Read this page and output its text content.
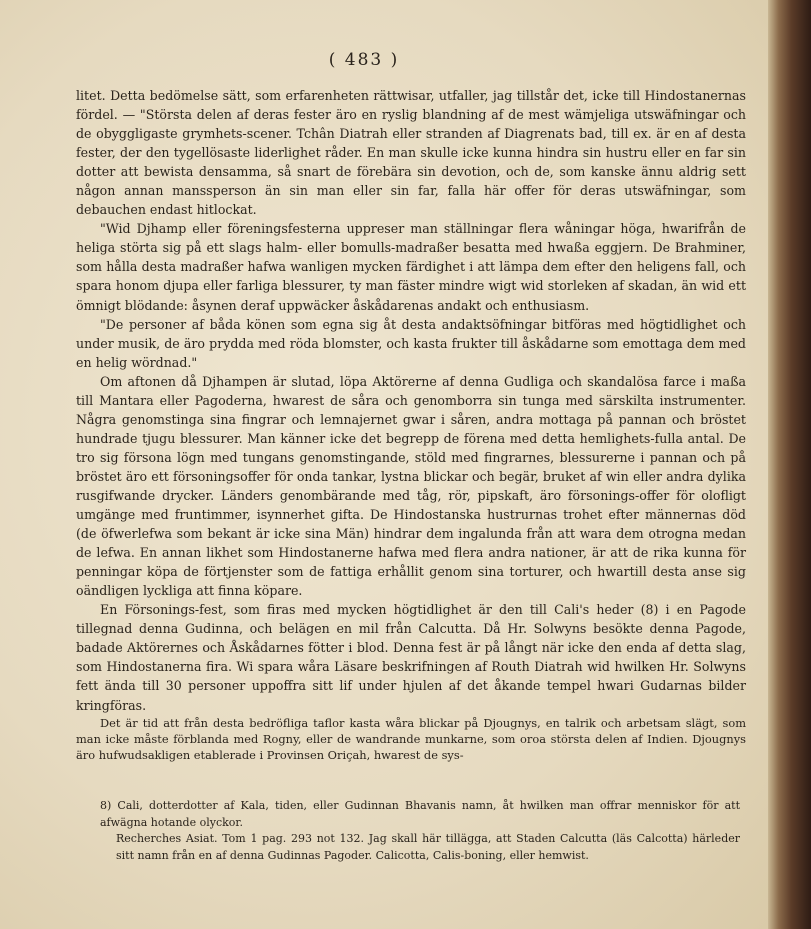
( 483 )

litet. Detta bedömelse sätt, som erfarenheten rättwisar, utfaller, jag tillstår det, icke till Hindostanernas fördel. — "Största delen af deras fester äro en ryslig blandning af de mest wämjeliga utswäfningar och de obyggligaste grymhets-scener. Tchân Diatrah eller stranden af Diagrenats bad, till ex. är en af desta fester, der den tygellösaste liderlighet råder. En man skulle icke kunna hindra sin hustru eller en far sin dotter att bewista densamma, så snart de förebära sin devotion, och de, som kanske ännu aldrig sett någon annan manssperson än sin man eller sin far, falla här offer för deras utswäfningar, som debauchen endast hitlockat.

"Wid Djhamp eller föreningsfesterna uppreser man ställningar flera wåningar höga, hwarifrån de heliga störta sig på ett slags halm- eller bomulls-madraßer besatta med hwaßa eggjern. De Brahminer, som hålla desta madraßer hafwa wanligen mycken färdighet i att lämpa dem efter den heligens fall, och spara honom djupa eller farliga blessurer, ty man fäster mindre wigt wid storleken af skadan, än wid ett ömnigt blödande: åsynen deraf uppwäcker åskådarenas andakt och enthusiasm.

"De personer af båda könen som egna sig åt desta andaktsöfningar bitföras med högtidlighet och under musik, de äro prydda med röda blomster, och kasta frukter till åskådarne som emottaga dem med en helig wördnad."

Om aftonen då Djhampen är slutad, löpa Aktörerne af denna Gudliga och skandalösa farce i maßa till Mantara eller Pagoderna, hwarest de såra och genomborra sin tunga med särskilta instrumenter. Några genomstinga sina fingrar och lemnajernet gwar i såren, andra mottaga på pannan och bröstet hundrade tjugu blessurer. Man känner icke det begrepp de förena med detta hemlighets-fulla antal. De tro sig försona lögn med tungans genomstingande, stöld med fingrarnes, blessurerne i pannan och på bröstet äro ett försoningsoffer för onda tankar, lystna blickar och begär, bruket af win eller andra dylika rusgifwande drycker. Länders genombärande med tåg, rör, pipskaft, äro försonings-offer för olofligt umgänge med fruntimmer, isynnerhet gifta. De Hindostanska hustrurnas trohet efter männernas död (de öfwerlefwa som bekant är icke sina Män) hindrar dem ingalunda från att wara dem otrogna medan de lefwa. En annan likhet som Hindostanerne hafwa med flera andra nationer, är att de rika kunna för penningar köpa de förtjenster som de fattiga erhållit genom sina torturer, och hwartill desta anse sig oändligen lyckliga att finna köpare.

En Försonings-fest, som firas med mycken högtidlighet är den till Cali's heder (8) i en Pagode tillegnad denna Gudinna, och belägen en mil från Calcutta. Då Hr. Solwyns besökte denna Pagode, badade Aktörernes och Åskådarnes fötter i blod. Denna fest är på långt när icke den enda af detta slag, som Hindostanerna fira. Wi spara wåra Läsare beskrifningen af Routh Diatrah wid hwilken Hr. Solwyns fett ända till 30 personer uppoffra sitt lif under hjulen af det åkande tempel hwari Gudarnas bilder kringföras.

Det är tid att från desta bedröfliga taflor kasta wåra blickar på Djougnys, en talrik och arbetsam slägt, som man icke måste förblanda med Rogny, eller de wandrande munkarne, som oroa största delen af Indien. Djougnys äro hufwudsakligen etablerade i Provinsen Oriçah, hwarest de sys-

8) Cali, dotterdotter af Kala, tiden, eller Gudinnan Bhavanis namn, åt hwilken man offrar menniskor för att afwägna hotande olyckor.

Recherches Asiat. Tom 1 pag. 293 not 132. Jag skall här tillägga, att Staden Calcutta (läs Calcotta) härleder sitt namn från en af denna Gudinnas Pagoder. Calicotta, Calis-boning, eller hemwist.
